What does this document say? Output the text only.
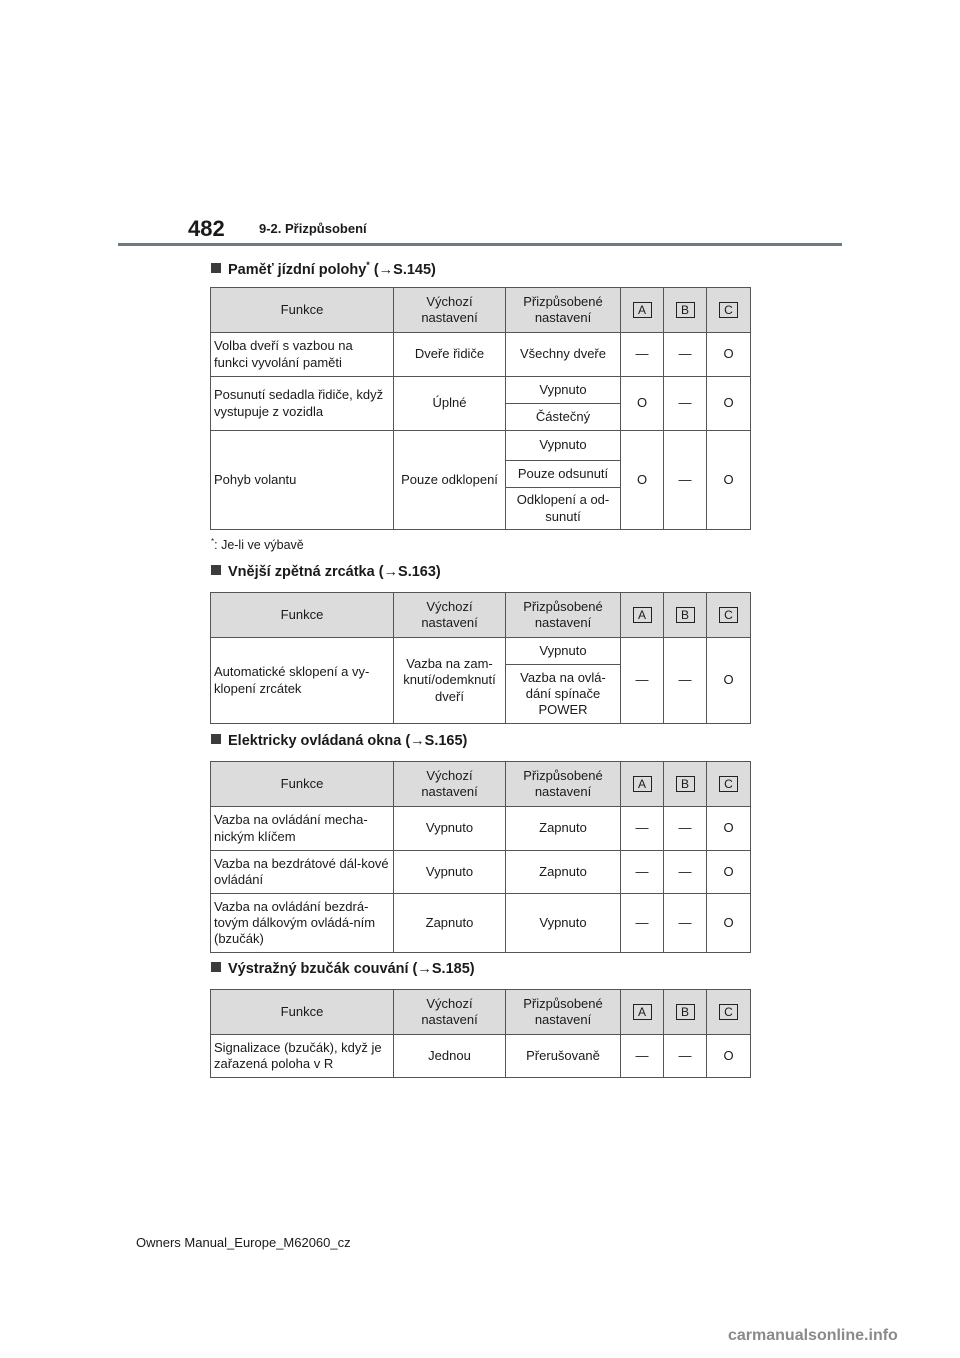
482	9-2. Přizpůsobení
Paměť jízdní polohy* (→S.145)
Funkce	Výchozí nastavení	Přizpůsobené nastavení	A	B	C
Volba dveří s vazbou na funkci vyvolání paměti	Dveře řidiče	Všechny dveře	—	—	O
Posunutí sedadla řidiče, když vystupuje z vozidla	Úplné	Vypnuto	O	—	O
		Částečný			
Pohyb volantu	Pouze odklopení	Vypnuto	O	—	O
		Pouze odsunutí			
		Odklopení a od-sunutí			
*: Je-li ve výbavě
Vnější zpětná zrcátka (→S.163)
Funkce	Výchozí nastavení	Přizpůsobené nastavení	A	B	C
Automatické sklopení a vy-klopení zrcátek	Vazba na zam-knutí/odemknutí dveří	Vypnuto	—	—	O
		Vazba na ovlá-dání spínače POWER			
Elektricky ovládaná okna (→S.165)
Funkce	Výchozí nastavení	Přizpůsobené nastavení	A	B	C
Vazba na ovládání mecha-nickým klíčem	Vypnuto	Zapnuto	—	—	O
Vazba na bezdrátové dál-kové ovládání	Vypnuto	Zapnuto	—	—	O
Vazba na ovládání bezdrá-tovým dálkovým ovládá-ním (bzučák)	Zapnuto	Vypnuto	—	—	O
Výstražný bzučák couvání (→S.185)
Funkce	Výchozí nastavení	Přizpůsobené nastavení	A	B	C
Signalizace (bzučák), když je zařazená poloha v R	Jednou	Přerušovaně	—	—	O
Owners Manual_Europe_M62060_cz
carmanualsonline.info
